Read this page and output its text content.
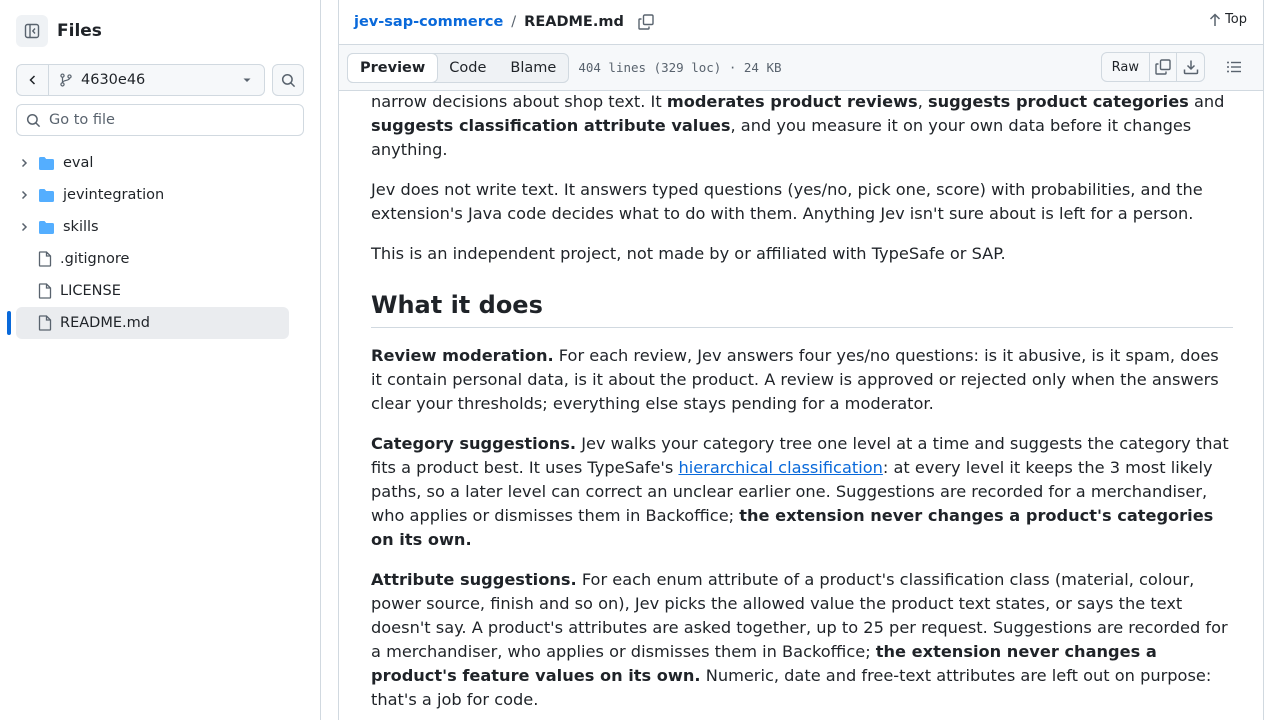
Files
4630e46
Go to file
eval
jevintegration
skills
.gitignore
LICENSE
README.md
jev-sap-commerce / README.md	Top
Preview	Code	Blame	404 lines (329 loc) · 24 KB	Raw

narrow decisions about shop text. It moderates product reviews, suggests product categories and suggests classification attribute values, and you measure it on your own data before it changes anything.

Jev does not write text. It answers typed questions (yes/no, pick one, score) with probabilities, and the extension's Java code decides what to do with them. Anything Jev isn't sure about is left for a person.

This is an independent project, not made by or affiliated with TypeSafe or SAP.

What it does

Review moderation. For each review, Jev answers four yes/no questions: is it abusive, is it spam, does it contain personal data, is it about the product. A review is approved or rejected only when the answers clear your thresholds; everything else stays pending for a moderator.

Category suggestions. Jev walks your category tree one level at a time and suggests the category that fits a product best. It uses TypeSafe's hierarchical classification: at every level it keeps the 3 most likely paths, so a later level can correct an unclear earlier one. Suggestions are recorded for a merchandiser, who applies or dismisses them in Backoffice; the extension never changes a product's categories on its own.

Attribute suggestions. For each enum attribute of a product's classification class (material, colour, power source, finish and so on), Jev picks the allowed value the product text states, or says the text doesn't say. A product's attributes are asked together, up to 25 per request. Suggestions are recorded for a merchandiser, who applies or dismisses them in Backoffice; the extension never changes a product's feature values on its own. Numeric, date and free-text attributes are left out on purpose: that's a job for code.
